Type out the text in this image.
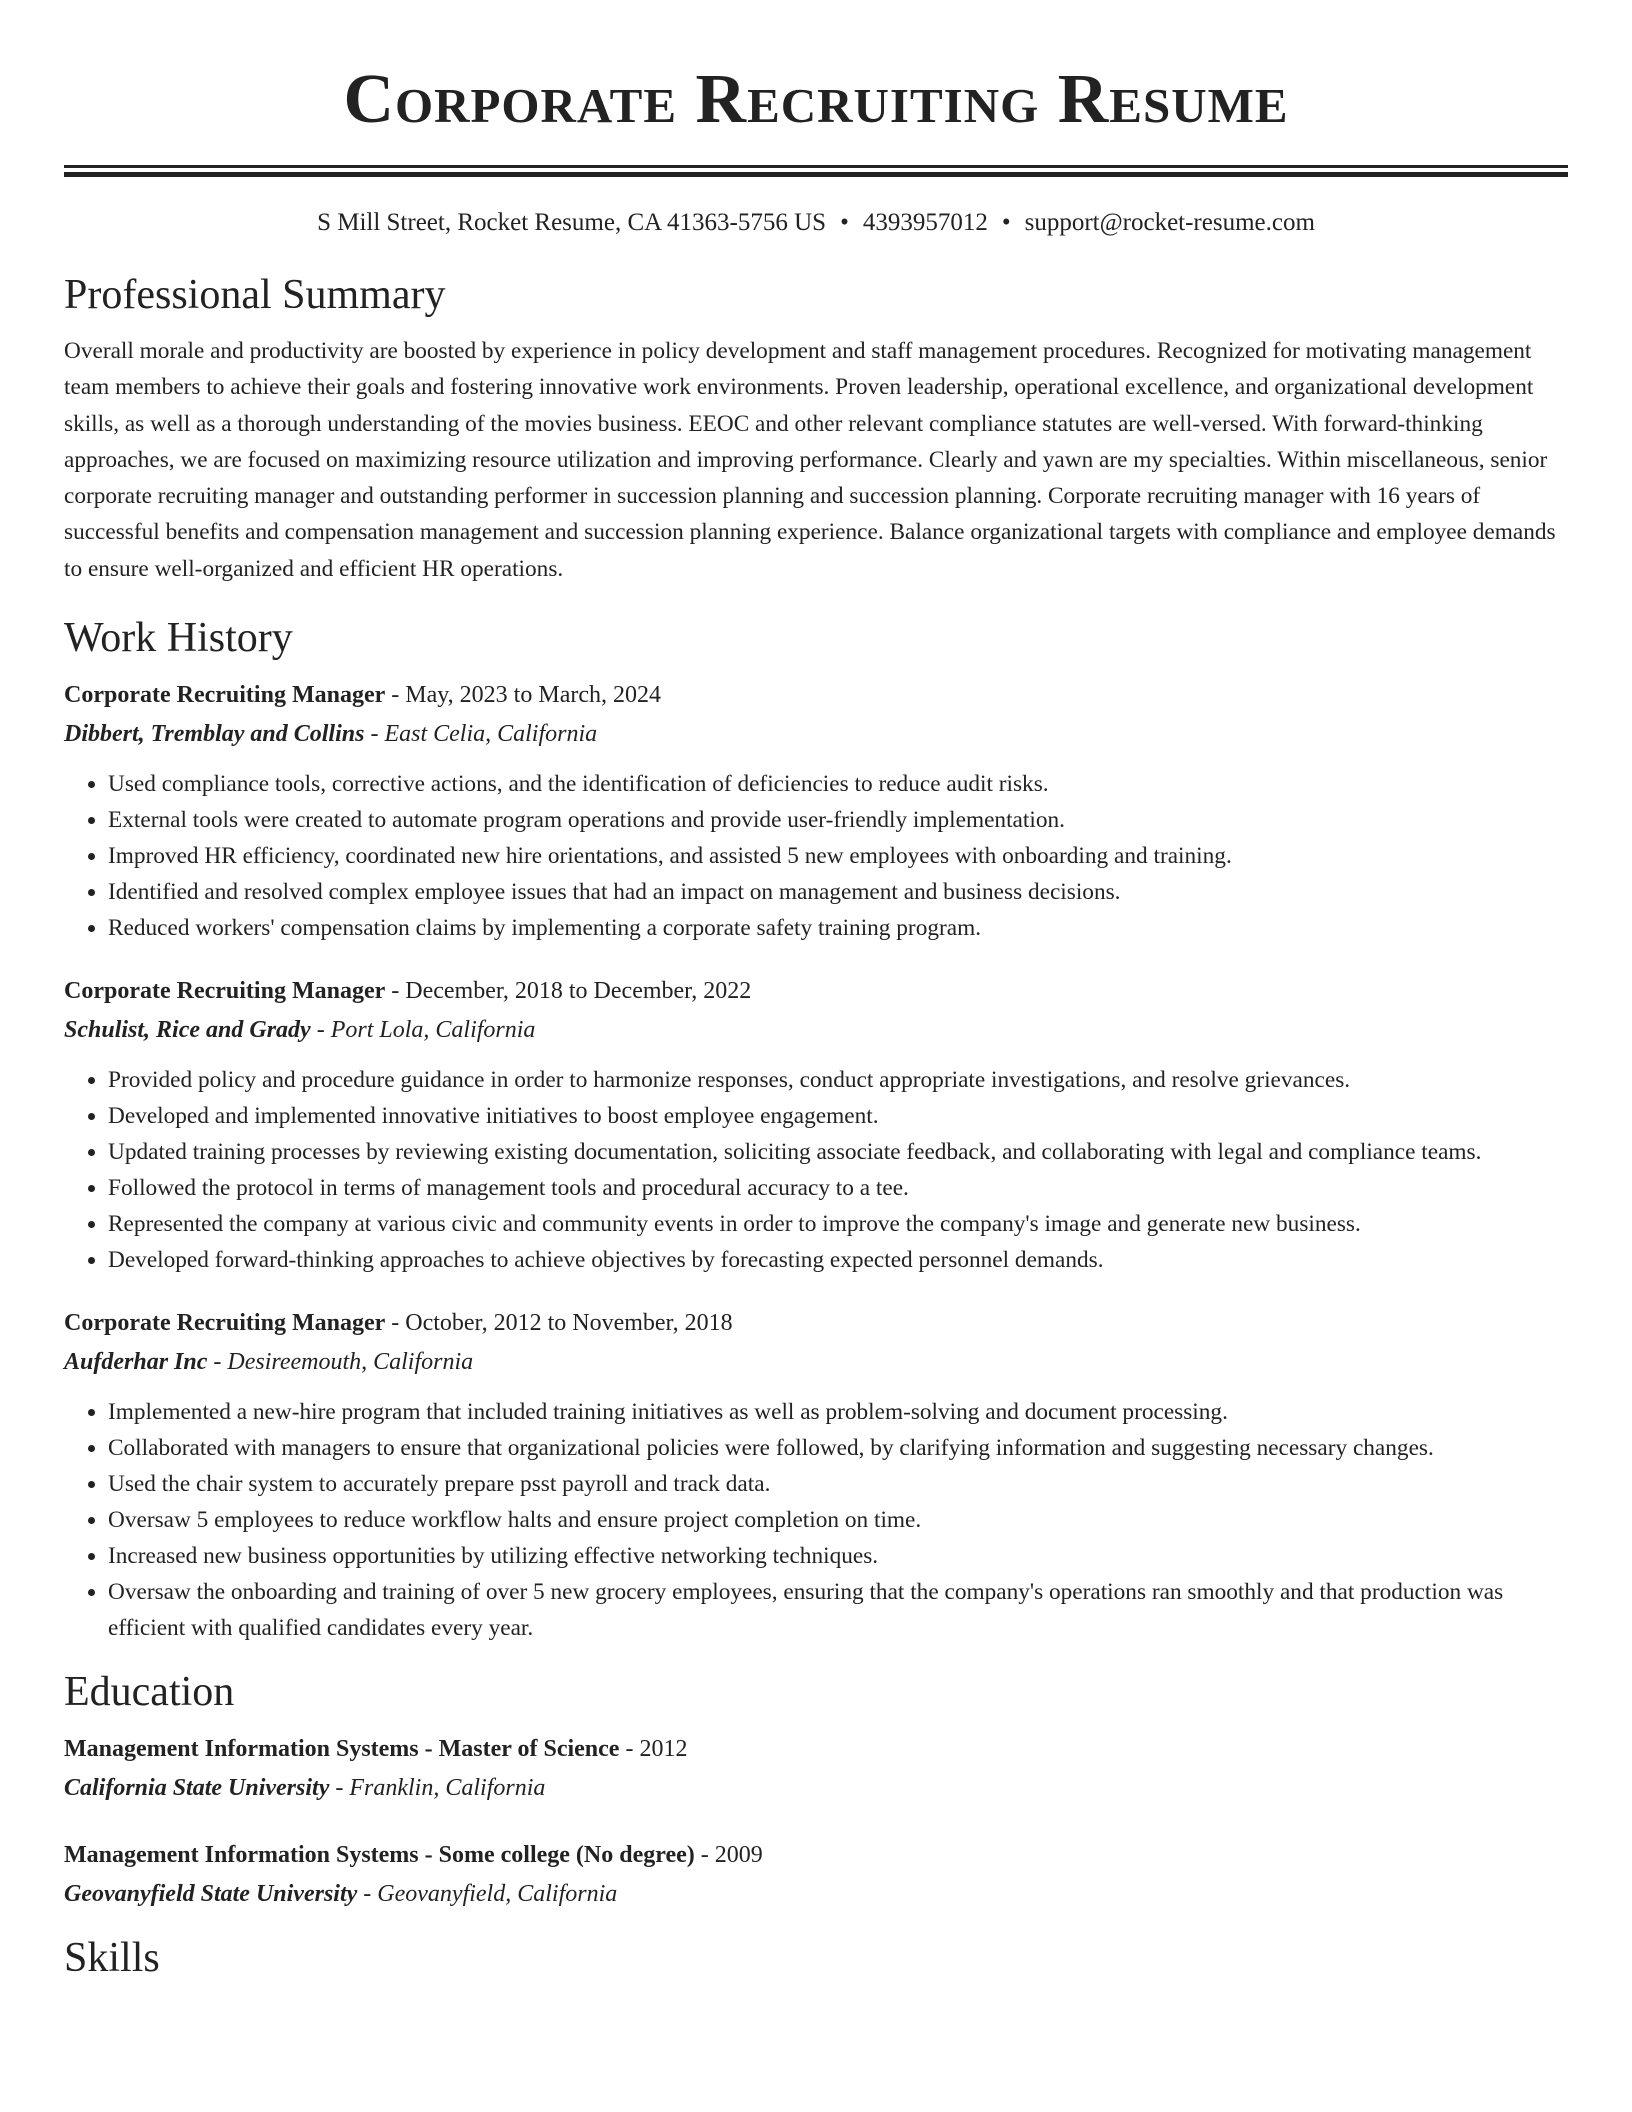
Corporate Recruiting Resume
S Mill Street, Rocket Resume, CA 41363-5756 US • 4393957012 • support@rocket-resume.com
Professional Summary
Overall morale and productivity are boosted by experience in policy development and staff management procedures. Recognized for motivating management team members to achieve their goals and fostering innovative work environments. Proven leadership, operational excellence, and organizational development skills, as well as a thorough understanding of the movies business. EEOC and other relevant compliance statutes are well-versed. With forward-thinking approaches, we are focused on maximizing resource utilization and improving performance. Clearly and yawn are my specialties. Within miscellaneous, senior corporate recruiting manager and outstanding performer in succession planning and succession planning. Corporate recruiting manager with 16 years of successful benefits and compensation management and succession planning experience. Balance organizational targets with compliance and employee demands to ensure well-organized and efficient HR operations.
Work History
Corporate Recruiting Manager - May, 2023 to March, 2024
Dibbert, Tremblay and Collins - East Celia, California
• Used compliance tools, corrective actions, and the identification of deficiencies to reduce audit risks.
• External tools were created to automate program operations and provide user-friendly implementation.
• Improved HR efficiency, coordinated new hire orientations, and assisted 5 new employees with onboarding and training.
• Identified and resolved complex employee issues that had an impact on management and business decisions.
• Reduced workers' compensation claims by implementing a corporate safety training program.
Corporate Recruiting Manager - December, 2018 to December, 2022
Schulist, Rice and Grady - Port Lola, California
• Provided policy and procedure guidance in order to harmonize responses, conduct appropriate investigations, and resolve grievances.
• Developed and implemented innovative initiatives to boost employee engagement.
• Updated training processes by reviewing existing documentation, soliciting associate feedback, and collaborating with legal and compliance teams.
• Followed the protocol in terms of management tools and procedural accuracy to a tee.
• Represented the company at various civic and community events in order to improve the company's image and generate new business.
• Developed forward-thinking approaches to achieve objectives by forecasting expected personnel demands.
Corporate Recruiting Manager - October, 2012 to November, 2018
Aufderhar Inc - Desireemouth, California
• Implemented a new-hire program that included training initiatives as well as problem-solving and document processing.
• Collaborated with managers to ensure that organizational policies were followed, by clarifying information and suggesting necessary changes.
• Used the chair system to accurately prepare psst payroll and track data.
• Oversaw 5 employees to reduce workflow halts and ensure project completion on time.
• Increased new business opportunities by utilizing effective networking techniques.
• Oversaw the onboarding and training of over 5 new grocery employees, ensuring that the company's operations ran smoothly and that production was efficient with qualified candidates every year.
Education
Management Information Systems - Master of Science - 2012
California State University - Franklin, California
Management Information Systems - Some college (No degree) - 2009
Geovanyfield State University - Geovanyfield, California
Skills
